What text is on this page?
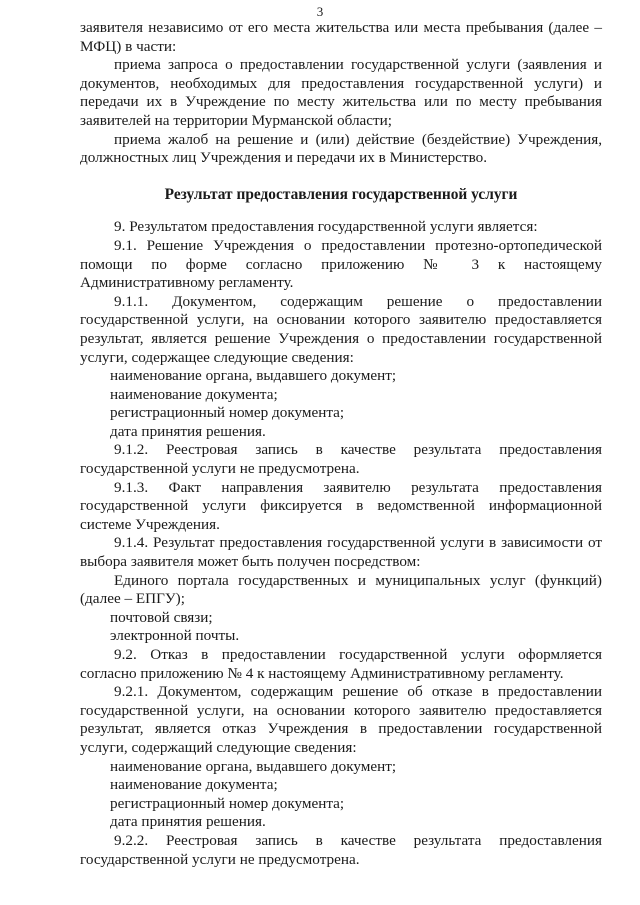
3

заявителя независимо от его места жительства или места пребывания (далее – МФЦ) в части:

приема запроса о предоставлении государственной услуги (заявления и документов, необходимых для предоставления государственной услуги) и передачи их в Учреждение по месту жительства или по месту пребывания заявителей на территории Мурманской области;

приема жалоб на решение и (или) действие (бездействие) Учреждения, должностных лиц Учреждения и передачи их в Министерство.

Результат предоставления государственной услуги

9. Результатом предоставления государственной услуги является:

9.1. Решение Учреждения о предоставлении протезно-ортопедической помощи по форме согласно приложению № 3 к настоящему Административному регламенту.

9.1.1. Документом, содержащим решение о предоставлении государственной услуги, на основании которого заявителю предоставляется результат, является решение Учреждения о предоставлении государственной услуги, содержащее следующие сведения:

наименование органа, выдавшего документ;

наименование документа;

регистрационный номер документа;

дата принятия решения.

9.1.2. Реестровая запись в качестве результата предоставления государственной услуги не предусмотрена.

9.1.3. Факт направления заявителю результата предоставления государственной услуги фиксируется в ведомственной информационной системе Учреждения.

9.1.4. Результат предоставления государственной услуги в зависимости от выбора заявителя может быть получен посредством:

Единого портала государственных и муниципальных услуг (функций) (далее – ЕПГУ);

почтовой связи;

электронной почты.

9.2. Отказ в предоставлении государственной услуги оформляется согласно приложению № 4 к настоящему Административному регламенту.

9.2.1. Документом, содержащим решение об отказе в предоставлении государственной услуги, на основании которого заявителю предоставляется результат, является отказ Учреждения в предоставлении государственной услуги, содержащий следующие сведения:

наименование органа, выдавшего документ;

наименование документа;

регистрационный номер документа;

дата принятия решения.

9.2.2. Реестровая запись в качестве результата предоставления государственной услуги не предусмотрена.
